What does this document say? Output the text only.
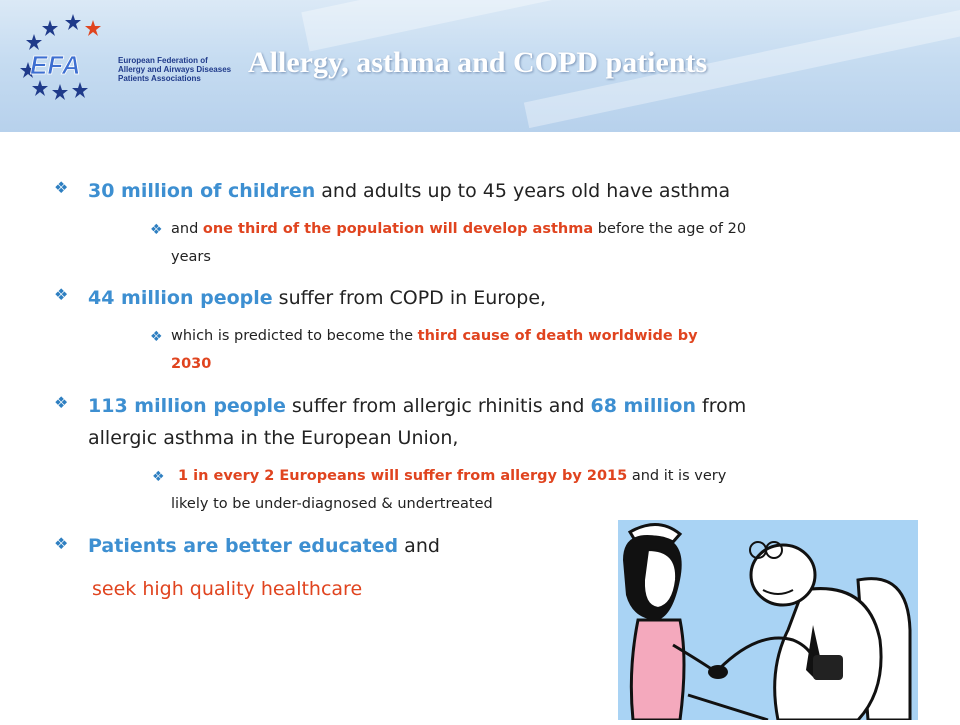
EFA	European Federation of
Allergy and Airways Diseases
Patients Associations	Allergy, asthma and COPD patients
❖ 30 million of children and adults up to 45 years old have asthma
❖ and one third of the population will develop asthma before the age of 20
years
❖ 44 million people suffer from COPD in Europe,
❖ which is predicted to become the third cause of death worldwide by
2030
❖ 113 million people suffer from allergic rhinitis and 68 million from
allergic asthma in the European Union,
❖ 1 in every 2 Europeans will suffer from allergy by 2015 and it is very
likely to be under-diagnosed & undertreated
❖ Patients are better educated and
seek high quality healthcare
